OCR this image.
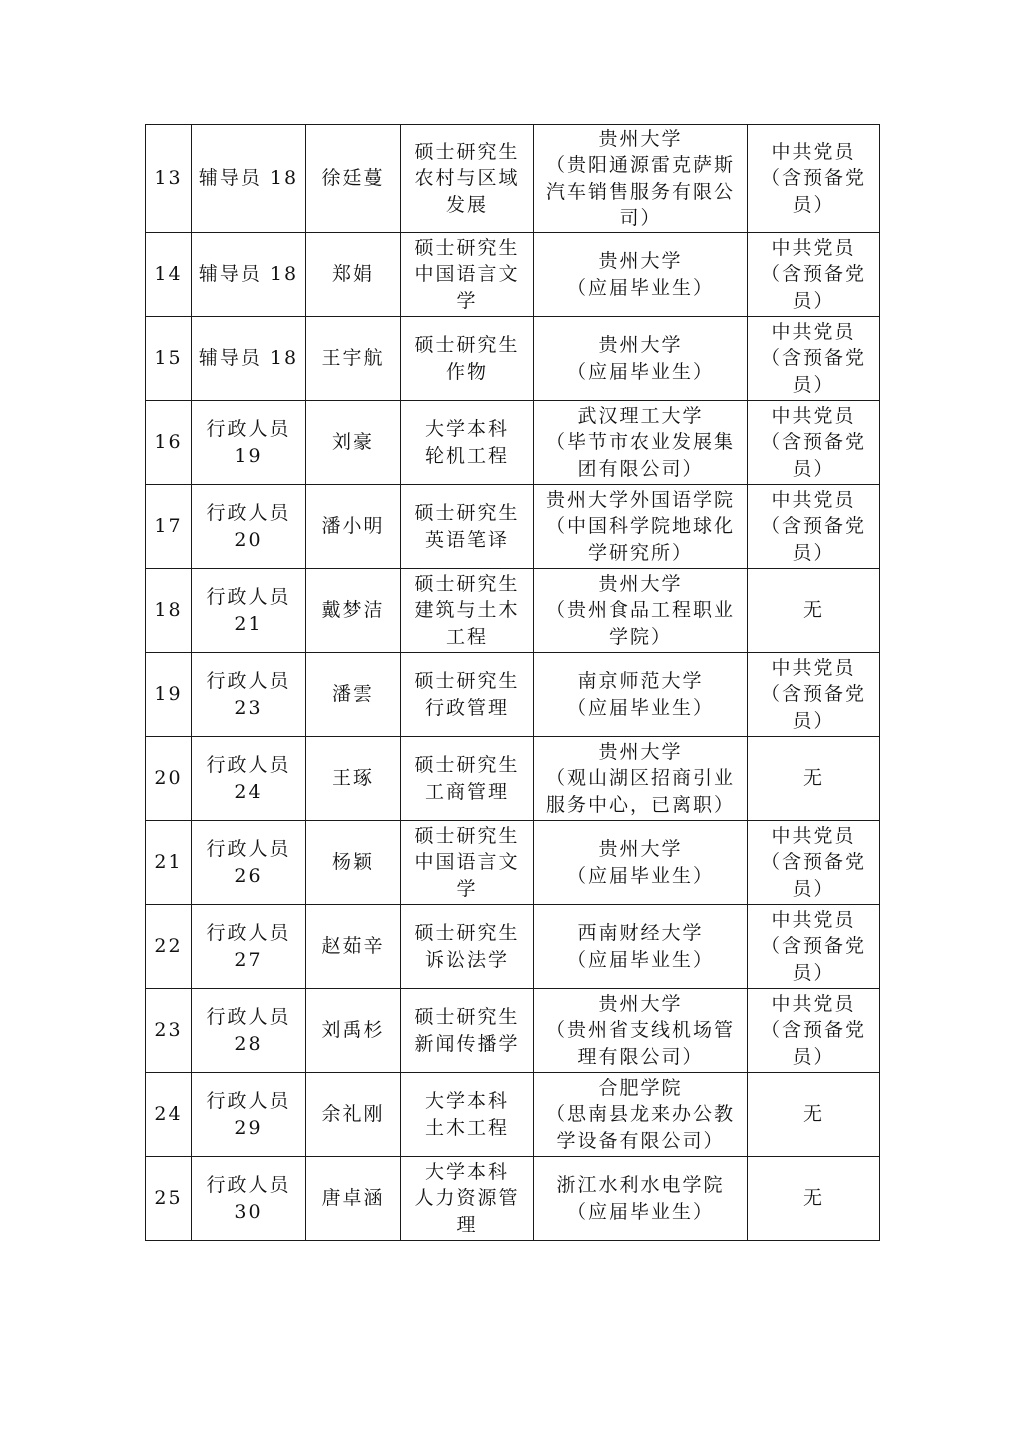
13	辅导员 18	徐廷蔓	硕士研究生
农村与区域
发展	贵州大学
（贵阳通源雷克萨斯
汽车销售服务有限公
司）	中共党员
（含预备党
员）

14	辅导员 18	郑娟	硕士研究生
中国语言文
学	贵州大学
（应届毕业生）	中共党员
（含预备党
员）

15	辅导员 18	王宇航	硕士研究生
作物	贵州大学
（应届毕业生）	中共党员
（含预备党
员）

16	行政人员
19	刘豪	大学本科
轮机工程	武汉理工大学
（毕节市农业发展集
团有限公司）	中共党员
（含预备党
员）

17	行政人员
20	潘小明	硕士研究生
英语笔译	贵州大学外国语学院
（中国科学院地球化
学研究所）	中共党员
（含预备党
员）

18	行政人员
21	戴梦洁	硕士研究生
建筑与土木
工程	贵州大学
（贵州食品工程职业
学院）	无

19	行政人员
23	潘雲	硕士研究生
行政管理	南京师范大学
（应届毕业生）	中共党员
（含预备党
员）

20	行政人员
24	王琢	硕士研究生
工商管理	贵州大学
（观山湖区招商引业
服务中心，已离职）	无

21	行政人员
26	杨颖	硕士研究生
中国语言文
学	贵州大学
（应届毕业生）	中共党员
（含预备党
员）

22	行政人员
27	赵茹辛	硕士研究生
诉讼法学	西南财经大学
（应届毕业生）	中共党员
（含预备党
员）

23	行政人员
28	刘禹杉	硕士研究生
新闻传播学	贵州大学
（贵州省支线机场管
理有限公司）	中共党员
（含预备党
员）

24	行政人员
29	余礼刚	大学本科
土木工程	合肥学院
（思南县龙来办公教
学设备有限公司）	无

25	行政人员
30	唐卓涵	大学本科
人力资源管
理	浙江水利水电学院
（应届毕业生）	无
